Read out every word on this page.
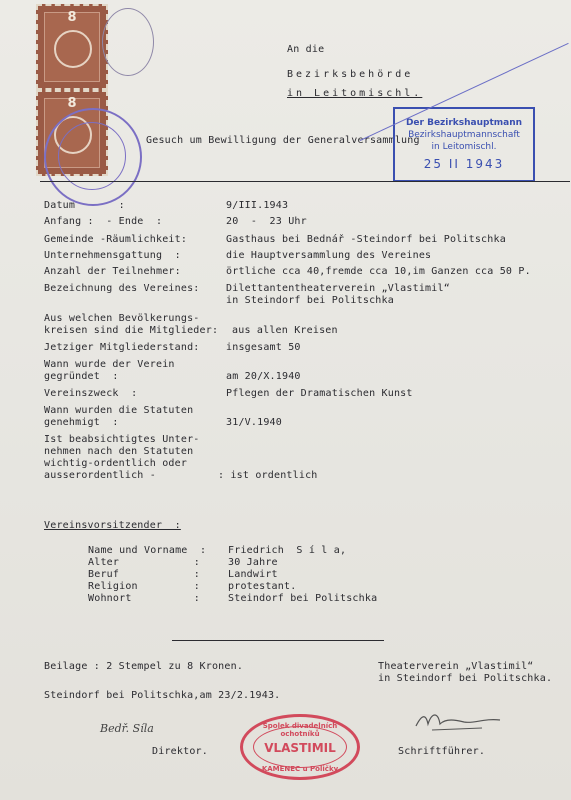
8
8
An die
Bezirksbehörde
in Leitomischl.
Gesuch um Bewilligung der Generalversammlung
Der Bezirkshauptmann
Bezirkshauptmannschaft
in Leitomischl.
25 II 1943
Datum       :	9/III.1943
Anfang :  - Ende  :	20  -  23 Uhr
Gemeinde -Räumlichkeit:	Gasthaus bei Bednář -Steindorf bei Politschka
Unternehmensgattung  :	die Hauptversammlung des Vereines
Anzahl der Teilnehmer:	örtliche cca 40,fremde cca 10,im Ganzen cca 50 P.
Bezeichnung des Vereines:	Dilettantentheaterverein „Vlastimil“
in Steindorf bei Politschka
Aus welchen Bevölkerungs-
kreisen sind die Mitglieder: aus allen Kreisen
Jetziger Mitgliederstand:	insgesamt 50
Wann wurde der Verein
gegründet  :	am 20/X.1940
Vereinszweck  :	Pflegen der Dramatischen Kunst
Wann wurden die Statuten
genehmigt  :	31/V.1940
Ist beabsichtigtes Unter-
nehmen nach den Statuten
wichtig-ordentlich oder
ausserordentlich -	: ist ordentlich
Vereinsvorsitzender  :
Name und Vorname  : Friedrich  S í l a,
Alter            :	30 Jahre
Beruf            :	Landwirt
Religion         :	protestant.
Wohnort          :	Steindorf bei Politschka
Beilage : 2 Stempel zu 8 Kronen.	Theaterverein „Vlastimil“
in Steindorf bei Politschka.
Steindorf bei Politschka,am 23/2.1943.
Bedř. Síla
Direktor.	Schriftführer.
Spolek divadelních ochotníků
VLASTIMIL
KAMENEC u Poličky
